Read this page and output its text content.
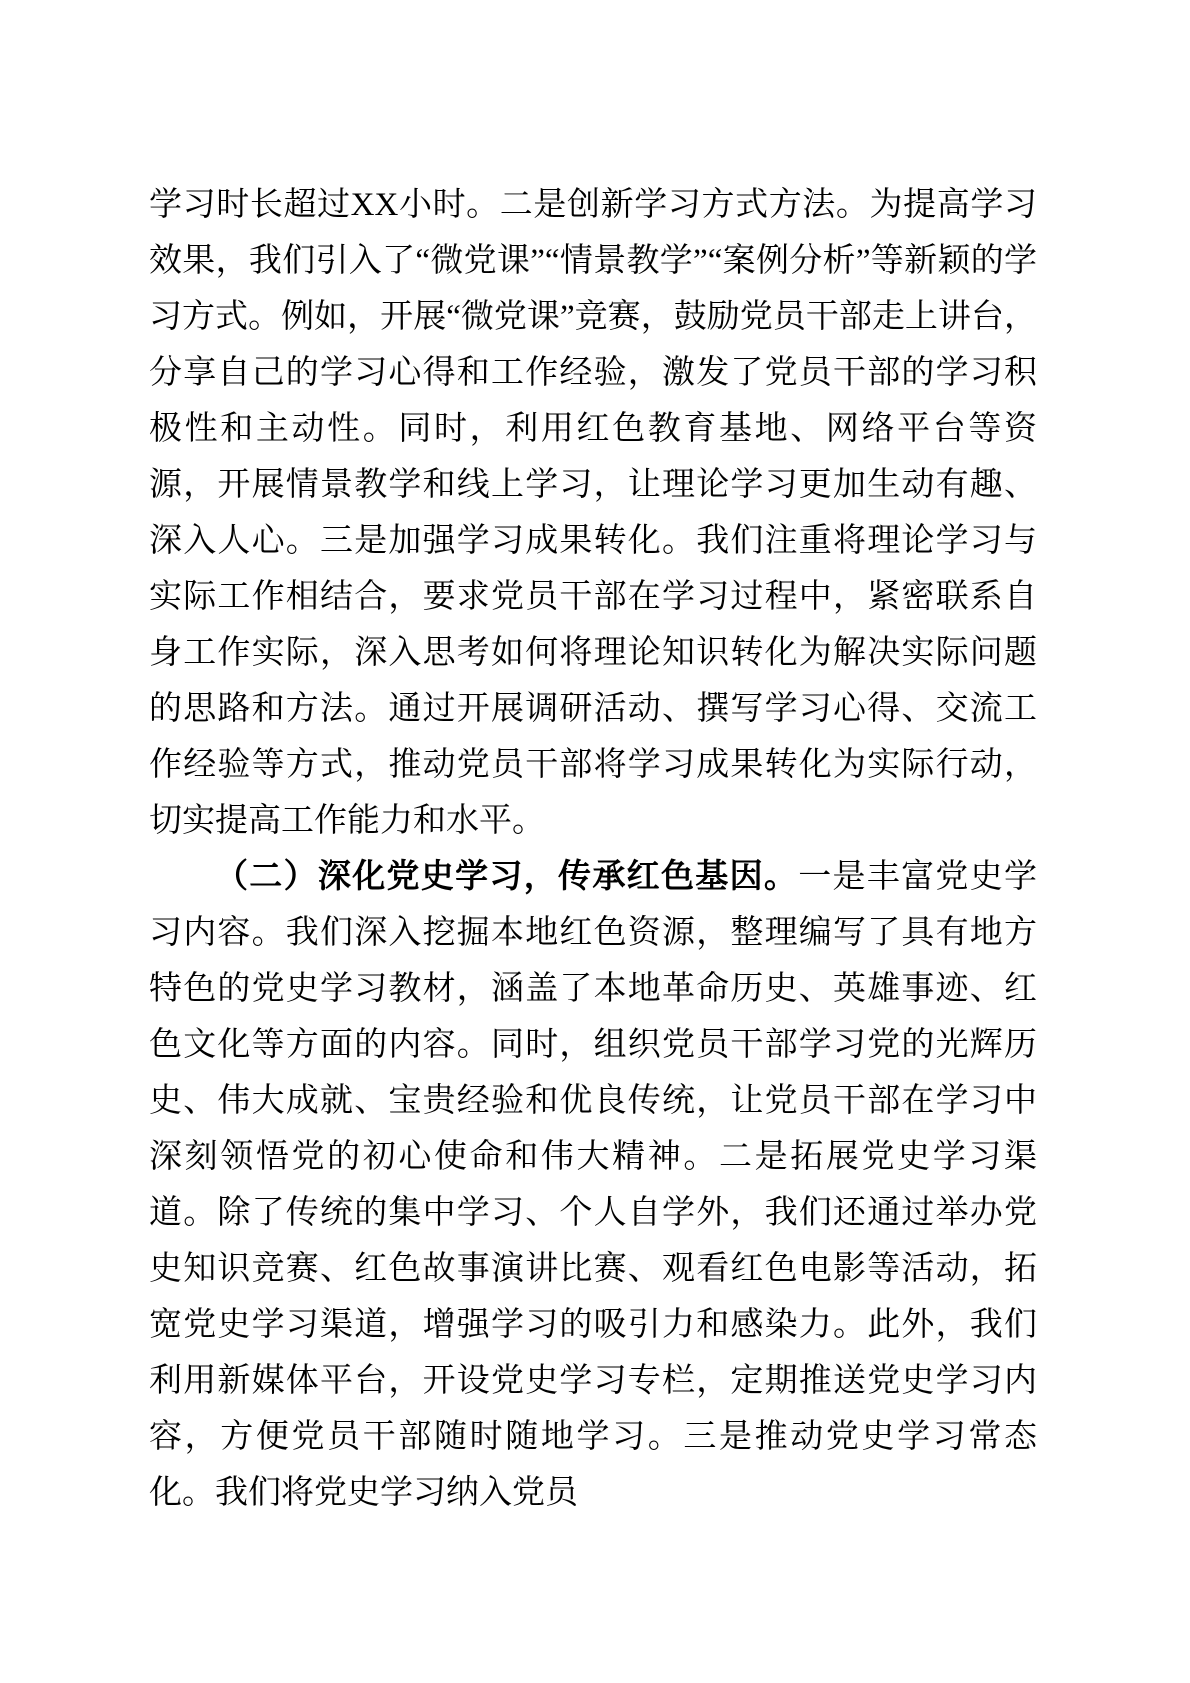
学习时长超过XX小时。二是创新学习方式方法。为提高学习效果，我们引入了“微党课”“情景教学”“案例分析”等新颖的学习方式。例如，开展“微党课”竞赛，鼓励党员干部走上讲台，分享自己的学习心得和工作经验，激发了党员干部的学习积极性和主动性。同时，利用红色教育基地、网络平台等资源，开展情景教学和线上学习，让理论学习更加生动有趣、深入人心。三是加强学习成果转化。我们注重将理论学习与实际工作相结合，要求党员干部在学习过程中，紧密联系自身工作实际，深入思考如何将理论知识转化为解决实际问题的思路和方法。通过开展调研活动、撰写学习心得、交流工作经验等方式，推动党员干部将学习成果转化为实际行动，切实提高工作能力和水平。

（二）深化党史学习，传承红色基因。一是丰富党史学习内容。我们深入挖掘本地红色资源，整理编写了具有地方特色的党史学习教材，涵盖了本地革命历史、英雄事迹、红色文化等方面的内容。同时，组织党员干部学习党的光辉历史、伟大成就、宝贵经验和优良传统，让党员干部在学习中深刻领悟党的初心使命和伟大精神。二是拓展党史学习渠道。除了传统的集中学习、个人自学外，我们还通过举办党史知识竞赛、红色故事演讲比赛、观看红色电影等活动，拓宽党史学习渠道，增强学习的吸引力和感染力。此外，我们利用新媒体平台，开设党史学习专栏，定期推送党史学习内容，方便党员干部随时随地学习。三是推动党史学习常态化。我们将党史学习纳入党员
